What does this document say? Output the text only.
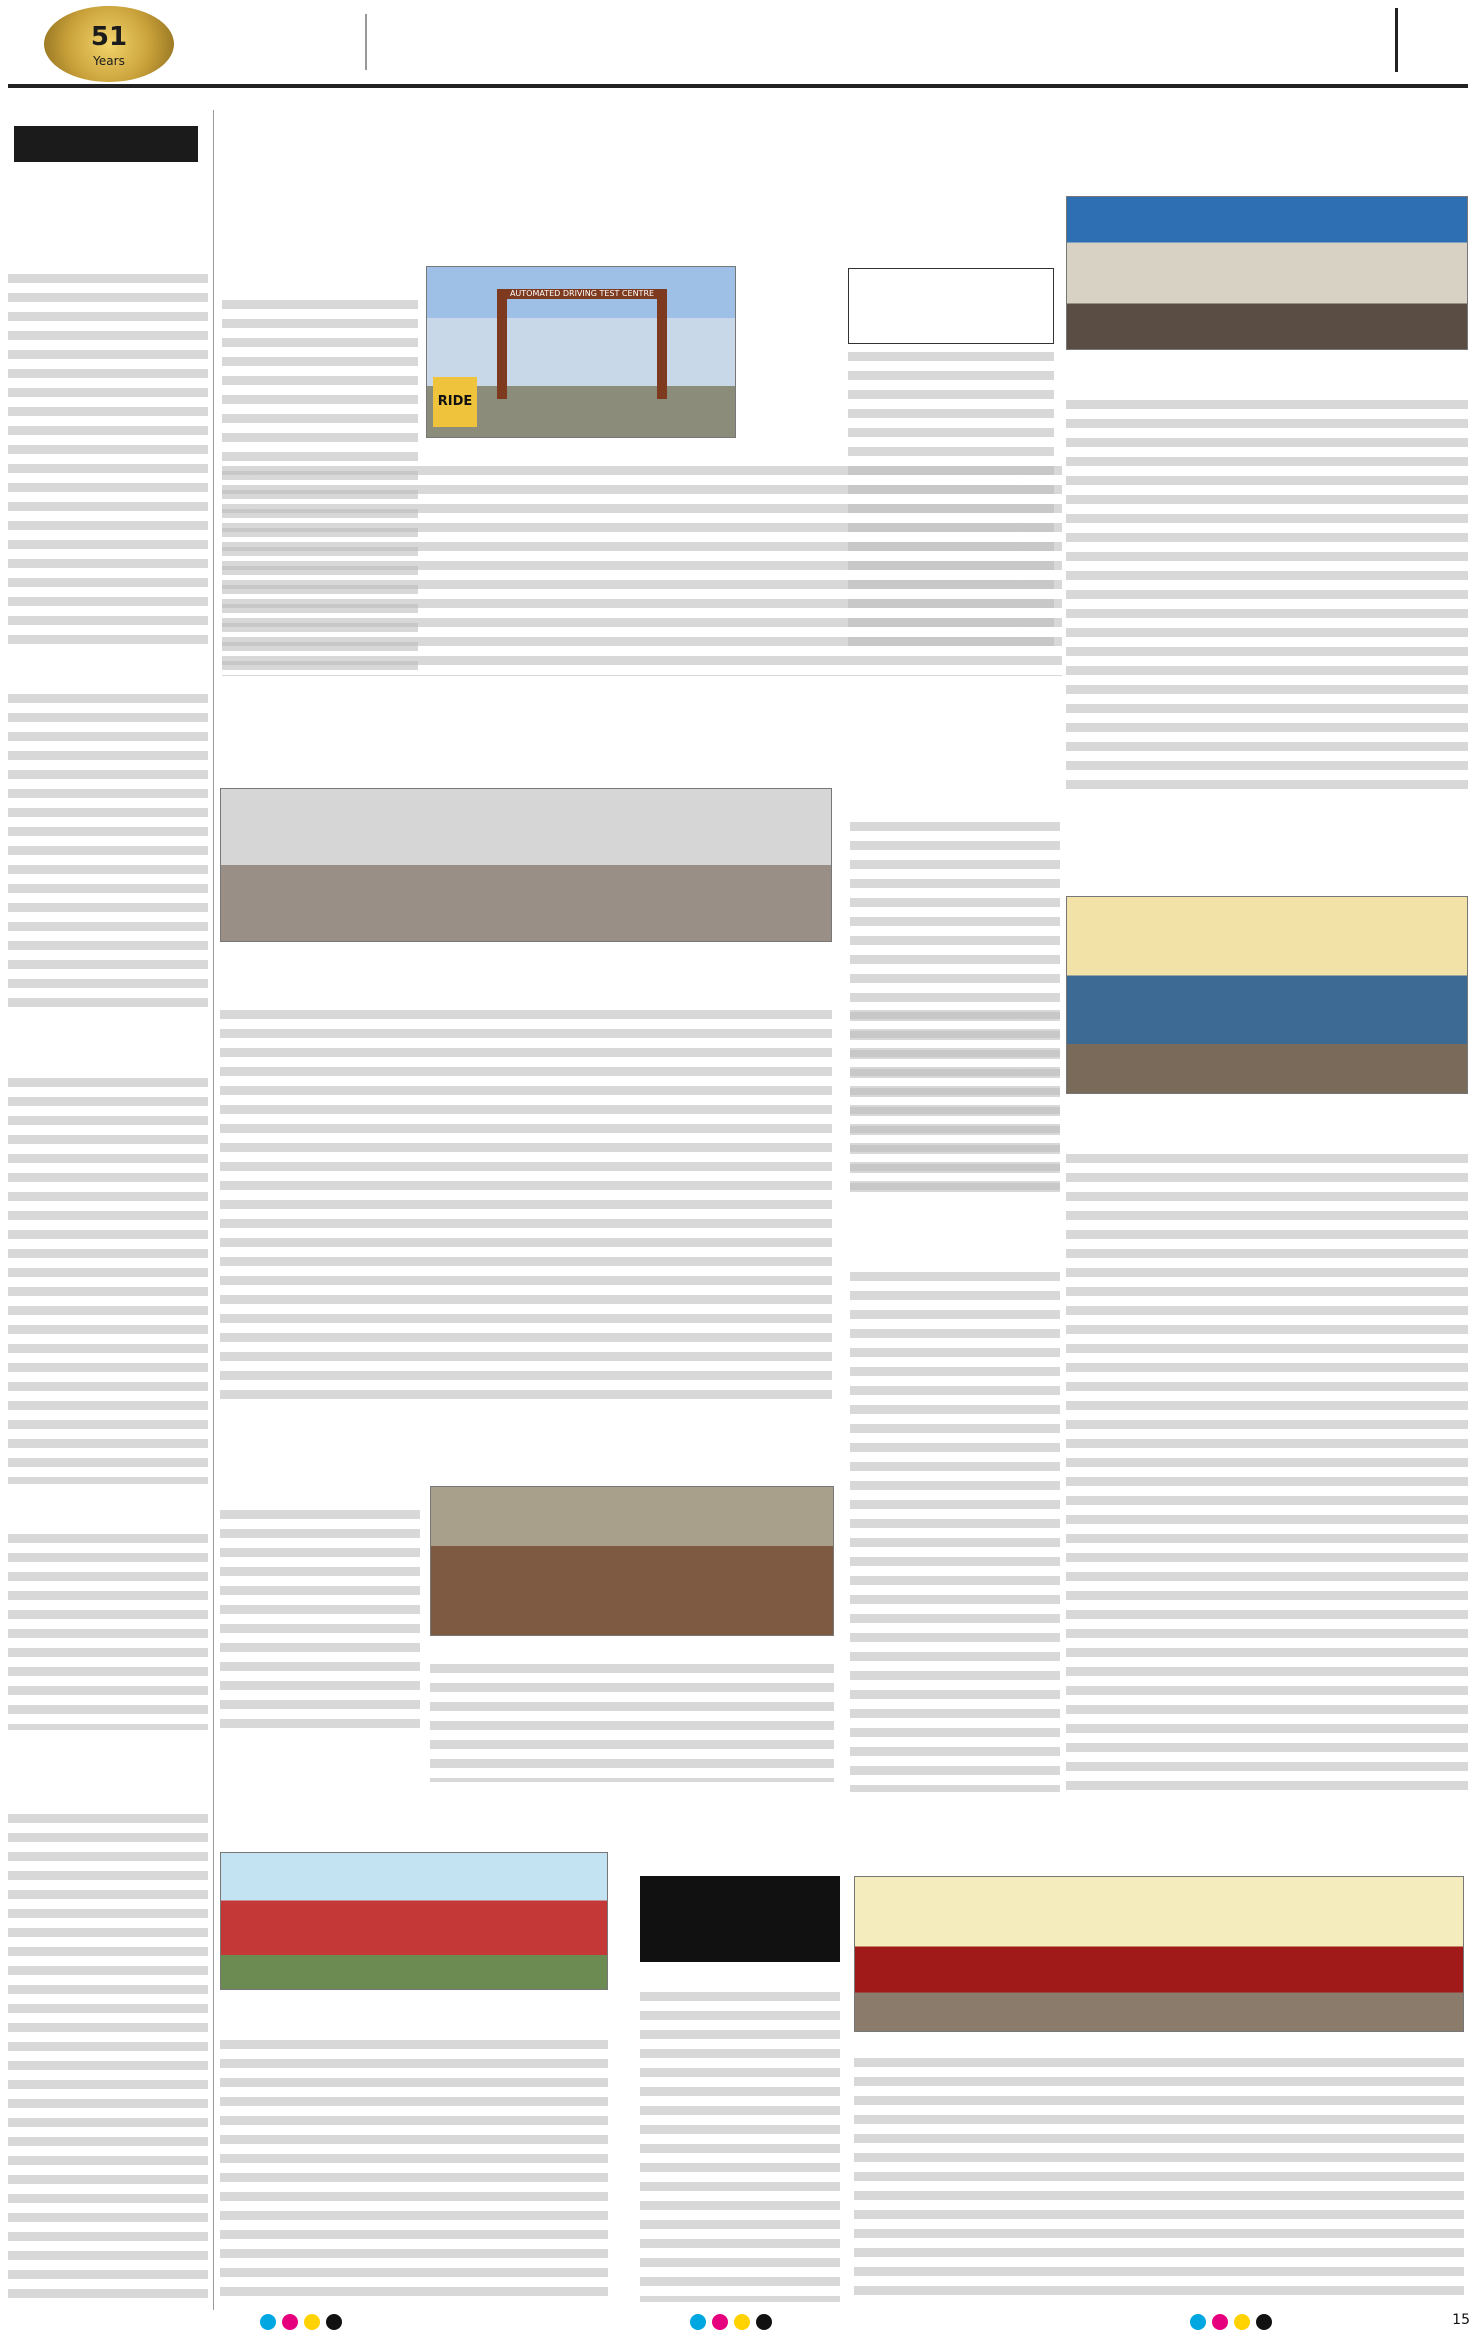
51
Years
AUTOMATED DRIVING TEST CENTRE
RIDE
15
